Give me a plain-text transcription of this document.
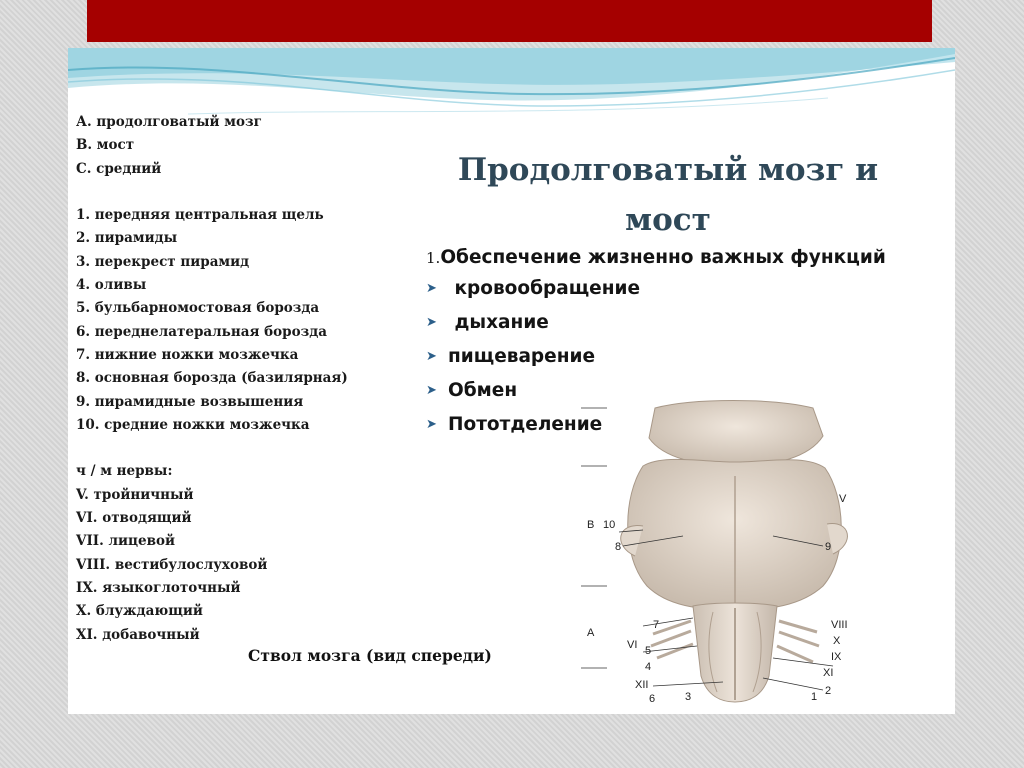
А. продолговатый мозг
В. мост
С. средний
1. передняя центральная щель
2. пирамиды
3. перекрест пирамид
4. оливы
5. бульбарномостовая борозда
6. переднелатеральная борозда
7. нижние ножки мозжечка
8. основная борозда (базилярная)
9. пирамидные возвышения
10. средние ножки мозжечка
ч / м нервы:
V. тройничный
VI. отводящий
VII. лицевой
VIII. вестибулослуховой
IX. языкоглоточный
X. блуждающий
XI. добавочный
Ствол мозга (вид спереди)
Продолговатый мозг и мост
1.Обеспечение жизненно важных функций
➤ кровообращение
➤ дыхание
➤ пищеварение
➤ Обмен
➤ Пототделение
B
A
10
8	9
V
7
VI 5
4
XII
6
VIII
X
IX
XI
2
1
3
